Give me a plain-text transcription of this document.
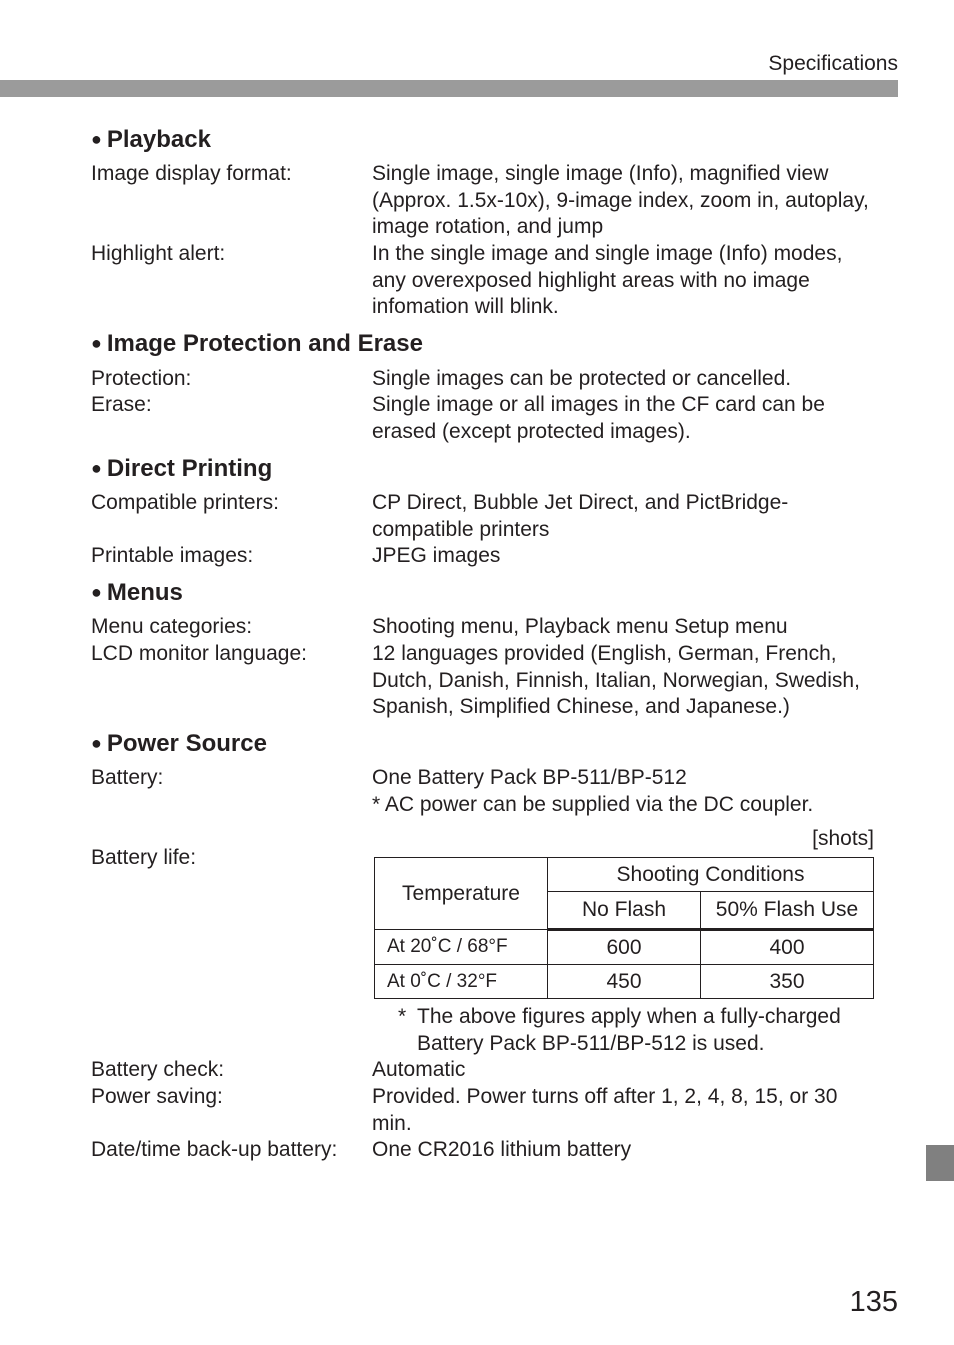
Specifications
● Playback
Image display format:	Single image, single image (Info), magnified view
(Approx. 1.5x-10x), 9-image index, zoom in, autoplay,
image rotation, and jump
Highlight alert:	In the single image and single image (Info) modes,
any overexposed highlight areas with no image
infomation will blink.
● Image Protection and Erase
Protection:	Single images can be protected or cancelled.
Erase:	Single image or all images in the CF card can be
erased (except protected images).
● Direct Printing
Compatible printers:	CP Direct, Bubble Jet Direct, and PictBridge-
compatible printers
Printable images:	JPEG images
● Menus
Menu categories:	Shooting menu, Playback menu Setup menu
LCD monitor language:	12 languages provided (English, German, French,
Dutch, Danish, Finnish, Italian, Norwegian, Swedish,
Spanish, Simplified Chinese, and Japanese.)
● Power Source
Battery:	One Battery Pack BP-511/BP-512
* AC power can be supplied via the DC coupler.
[shots]
Battery life:
Temperature	Shooting Conditions	
	No Flash	50% Flash Use
At 20˚C / 68°F	600	400
At 0˚C / 32°F	450	350
* The above figures apply when a fully-charged
Battery Pack BP-511/BP-512 is used.
Battery check:	Automatic
Power saving:	Provided. Power turns off after 1, 2, 4, 8, 15, or 30
min.
Date/time back-up battery: One CR2016 lithium battery
135
